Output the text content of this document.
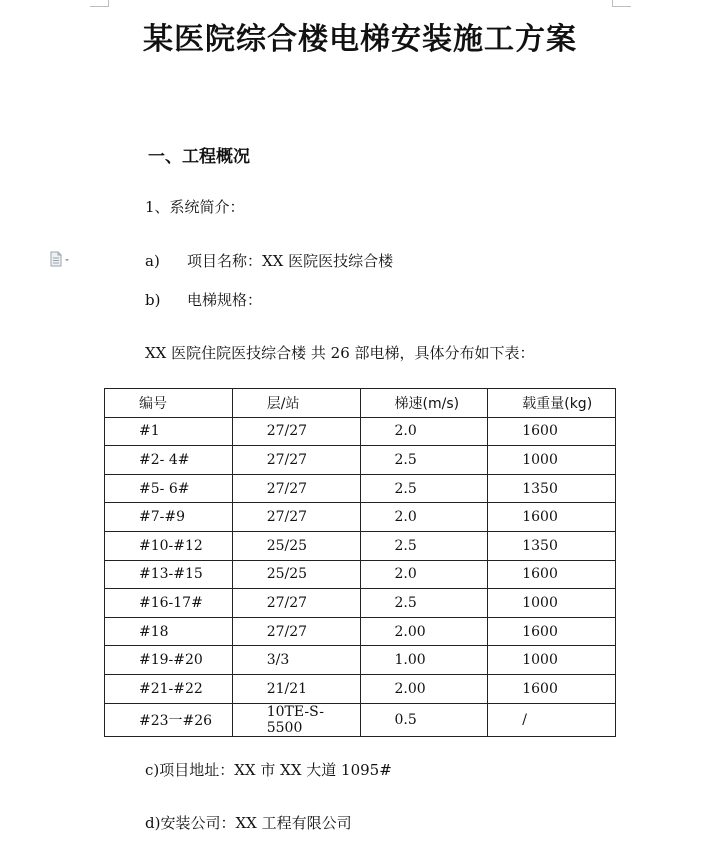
某医院综合楼电梯安装施工方案
一、工程概况
1、系统简介：
a) 项目名称：XX 医院医技综合楼
b) 电梯规格：
XX 医院住院医技综合楼 共 26 部电梯，具体分布如下表：
编号	层/站	梯速(m/s)	载重量(kg)
#1	27/27	2.0	1600
#2- 4#	27/27	2.5	1000
#5- 6#	27/27	2.5	1350
#7-#9	27/27	2.0	1600
#10-#12	25/25	2.5	1350
#13-#15	25/25	2.0	1600
#16-17#	27/27	2.5	1000
#18	27/27	2.00	1600
#19-#20	3/3	1.00	1000
#21-#22	21/21	2.00	1600
#23一#26	10TE-S-5500	0.5	/
c)项目地址：XX 市 XX 大道 1095#
d)安装公司：XX 工程有限公司
